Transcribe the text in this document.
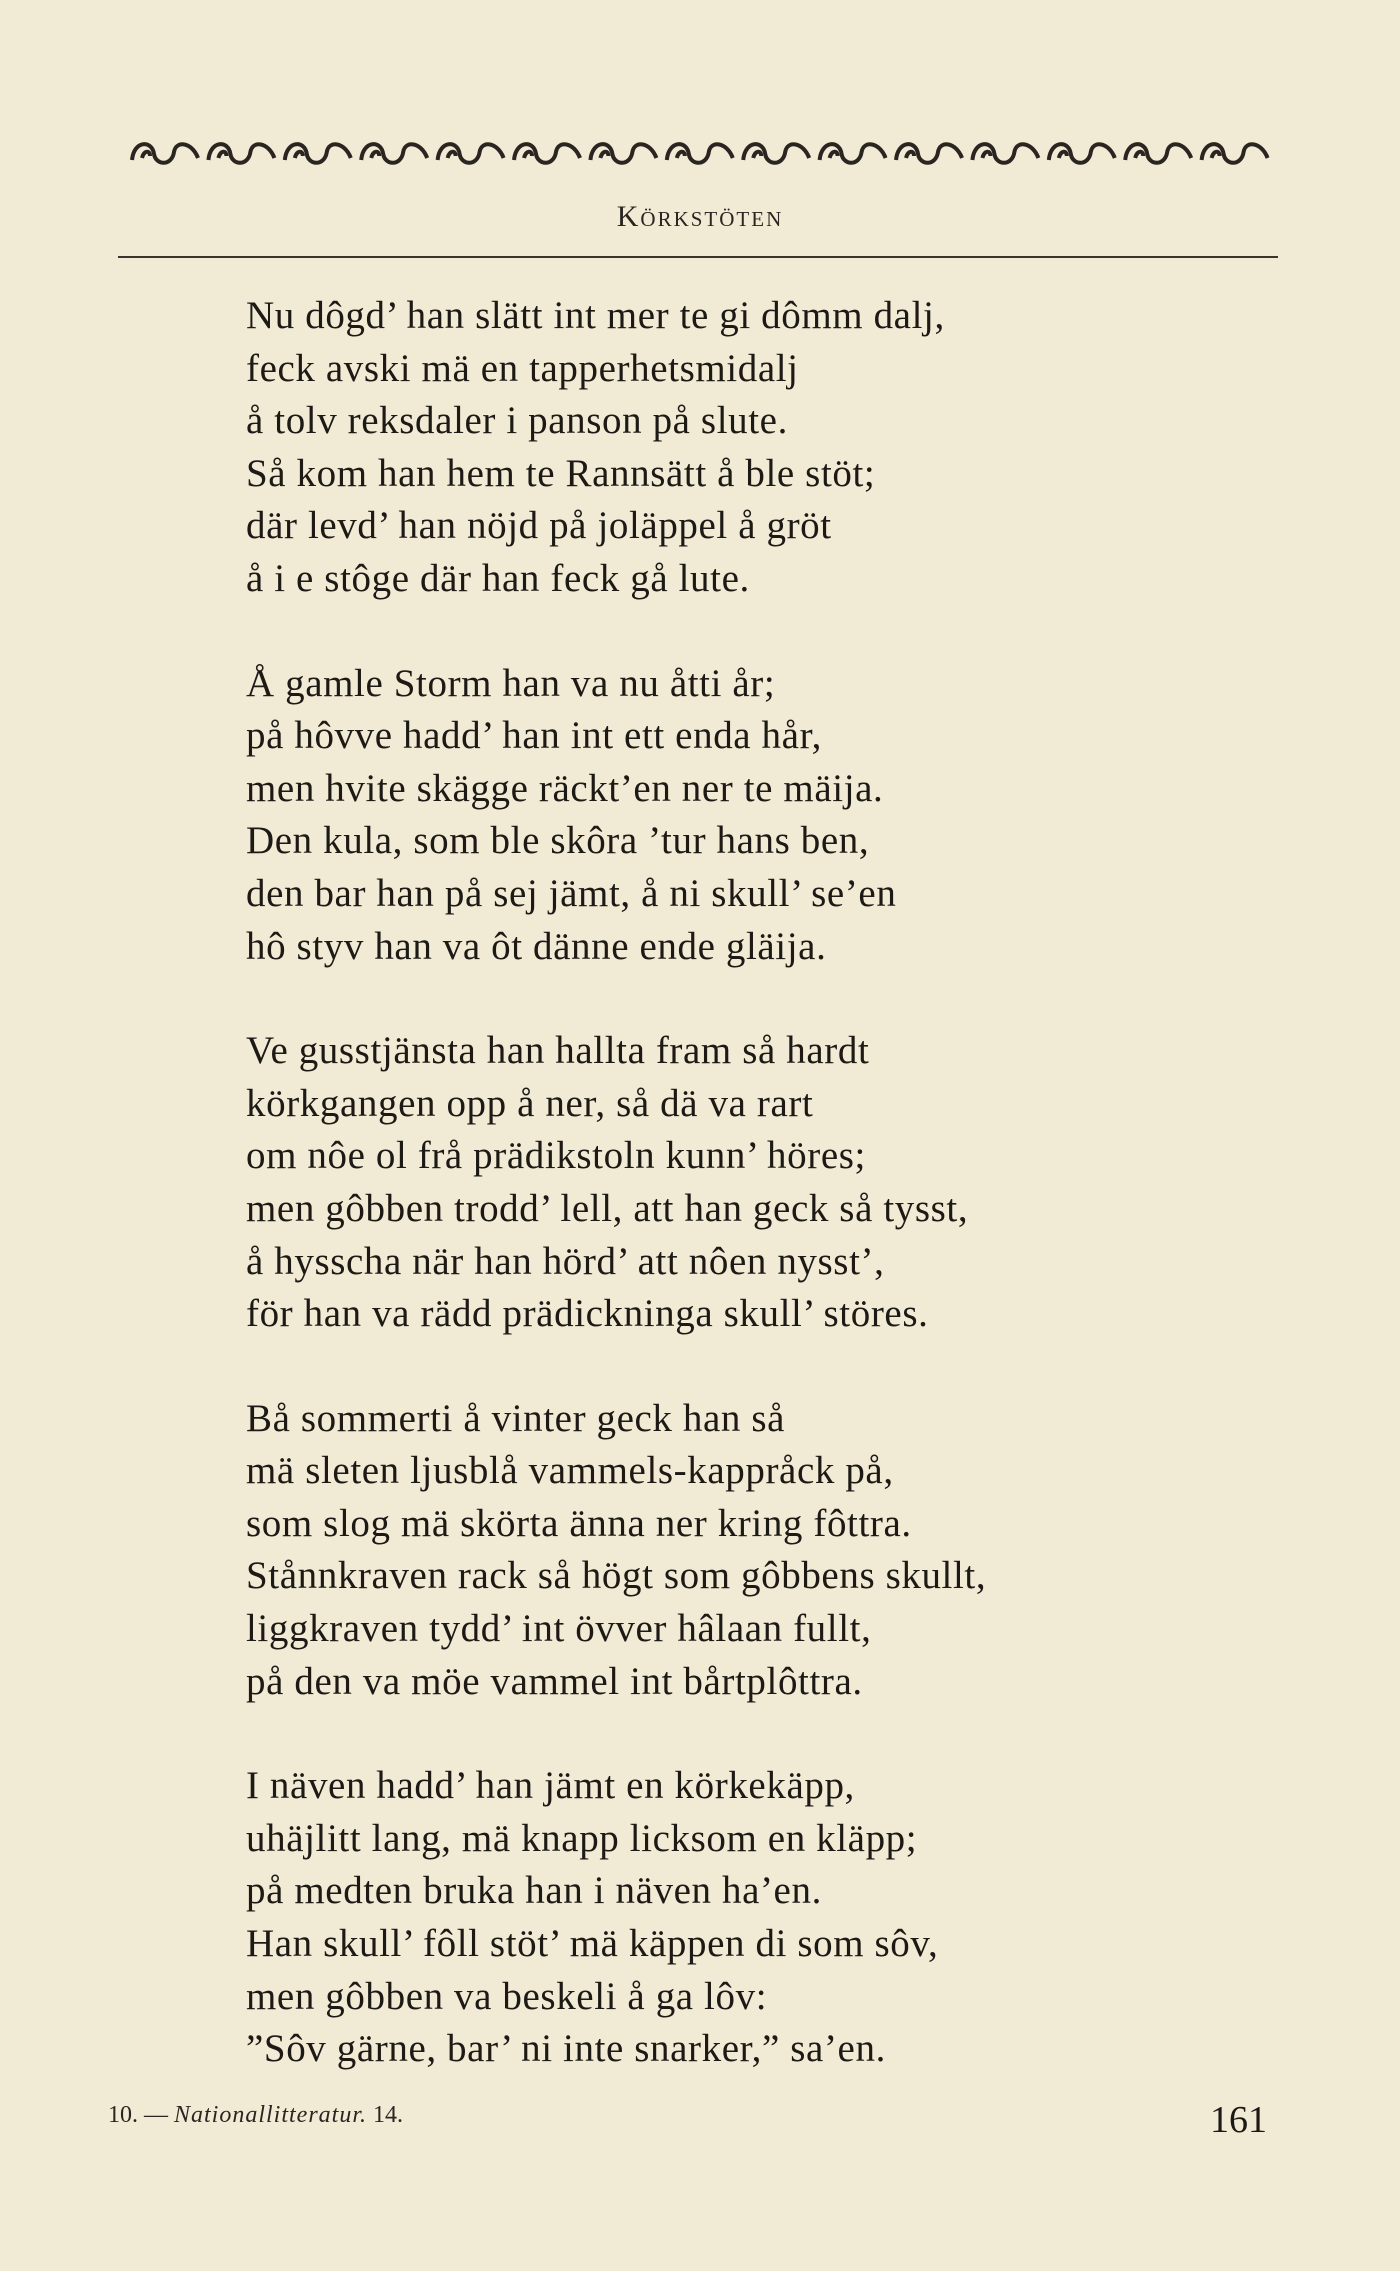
Körkstöten
Nu dôgd’ han slätt int mer te gi dômm dalj,
feck avski mä en tapperhetsmidalj
å tolv reksdaler i panson på slute.
Så kom han hem te Rannsätt å ble stöt;
där levd’ han nöjd på joläppel å gröt
å i e stôge där han feck gå lute.
Å gamle Storm han va nu åtti år;
på hôvve hadd’ han int ett enda hår,
men hvite skägge räckt’en ner te mäija.
Den kula, som ble skôra ’tur hans ben,
den bar han på sej jämt, å ni skull’ se’en
hô styv han va ôt dänne ende gläija.
Ve gusstjänsta han hallta fram så hardt
körkgangen opp å ner, så dä va rart
om nôe ol frå prädikstoln kunn’ höres;
men gôbben trodd’ lell, att han geck så tysst,
å hysscha när han hörd’ att nôen nysst’,
för han va rädd prädickninga skull’ störes.
Bå sommerti å vinter geck han så
mä sleten ljusblå vammels-kappråck på,
som slog mä skörta änna ner kring fôttra.
Stånnkraven rack så högt som gôbbens skullt,
liggkraven tydd’ int övver hâlaan fullt,
på den va möe vammel int bårtplôttra.
I näven hadd’ han jämt en körkekäpp,
uhäjlitt lang, mä knapp licksom en kläpp;
på medten bruka han i näven ha’en.
Han skull’ fôll stöt’ mä käppen di som sôv,
men gôbben va beskeli å ga lôv:
”Sôv gärne, bar’ ni inte snarker,” sa’en.
10. — Nationallitteratur. 14.	161
